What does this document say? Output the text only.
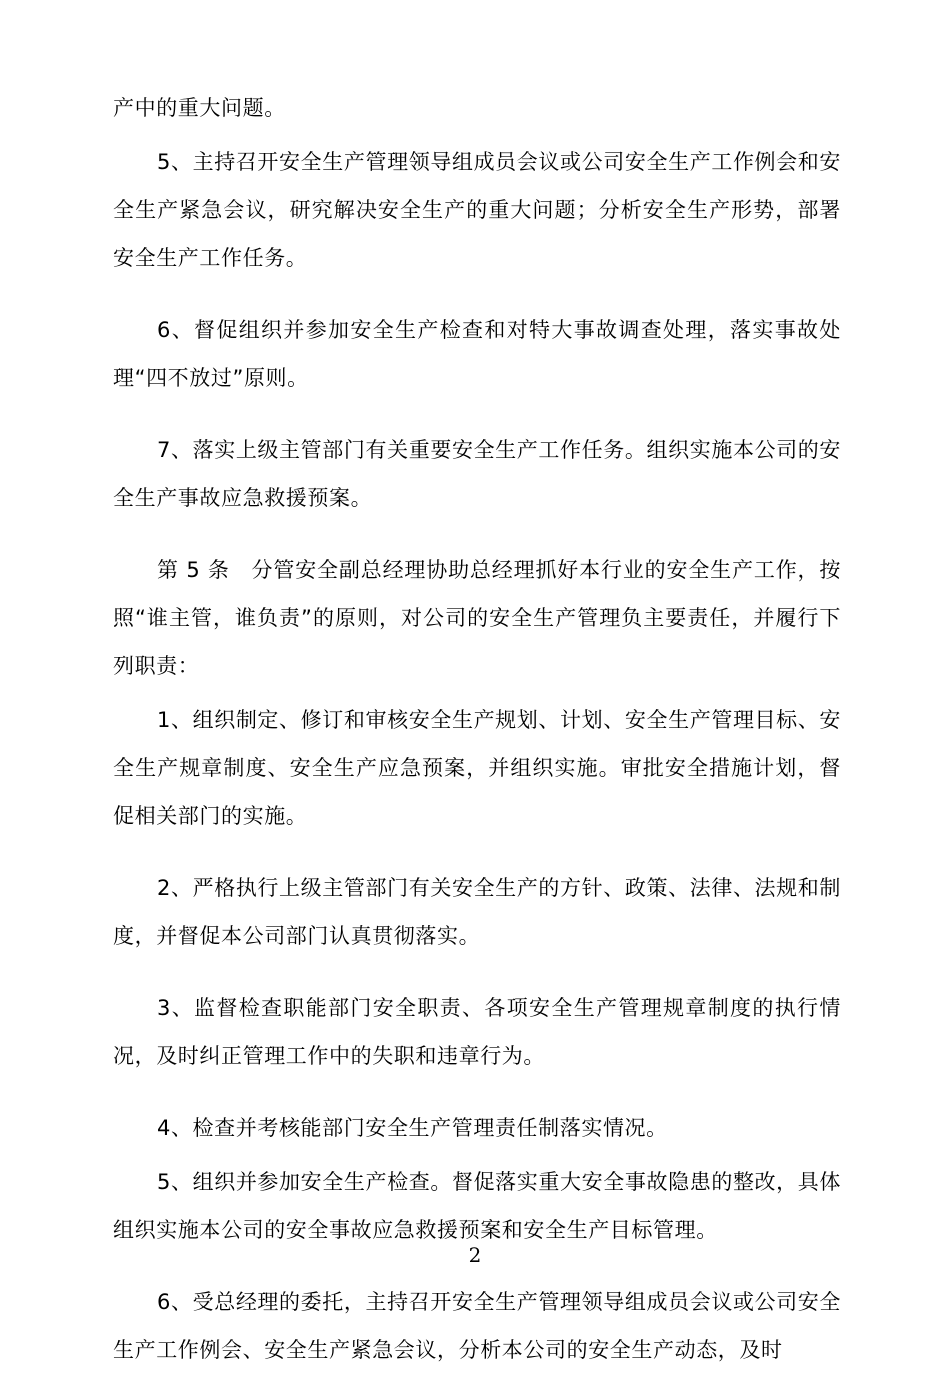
产中的重大问题。

5、主持召开安全生产管理领导组成员会议或公司安全生产工作例会和安全生产紧急会议，研究解决安全生产的重大问题；分析安全生产形势，部署安全生产工作任务。

6、督促组织并参加安全生产检查和对特大事故调查处理，落实事故处理“四不放过”原则。

7、落实上级主管部门有关重要安全生产工作任务。组织实施本公司的安全生产事故应急救援预案。

第 5 条　分管安全副总经理协助总经理抓好本行业的安全生产工作，按照“谁主管，谁负责”的原则，对公司的安全生产管理负主要责任，并履行下列职责：

1、组织制定、修订和审核安全生产规划、计划、安全生产管理目标、安全生产规章制度、安全生产应急预案，并组织实施。审批安全措施计划，督促相关部门的实施。

2、严格执行上级主管部门有关安全生产的方针、政策、法律、法规和制度，并督促本公司部门认真贯彻落实。

3、监督检查职能部门安全职责、各项安全生产管理规章制度的执行情况，及时纠正管理工作中的失职和违章行为。

4、检查并考核能部门安全生产管理责任制落实情况。

5、组织并参加安全生产检查。督促落实重大安全事故隐患的整改，具体组织实施本公司的安全事故应急救援预案和安全生产目标管理。

6、受总经理的委托，主持召开安全生产管理领导组成员会议或公司安全生产工作例会、安全生产紧急会议，分析本公司的安全生产动态，及时

2
